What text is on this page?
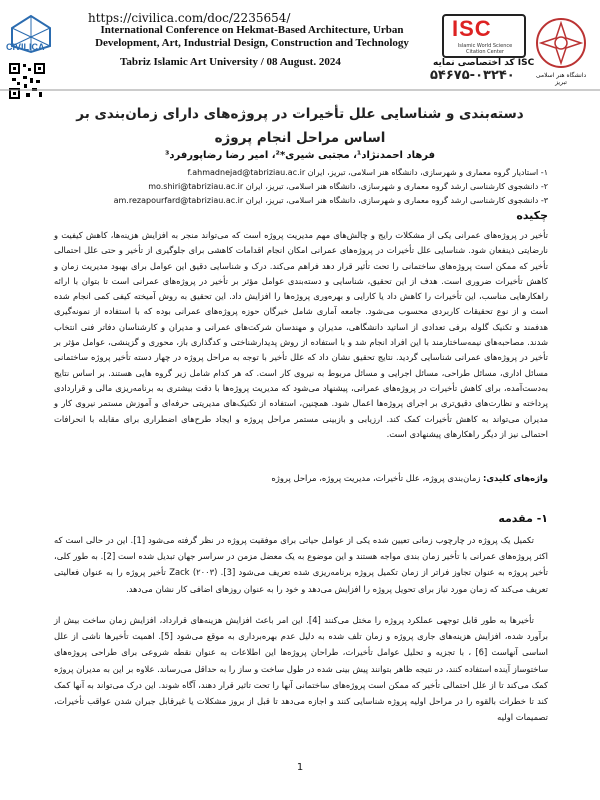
https://civilica.com/doc/2235654/
CIVILICA
International Conference on Hekmat-Based Architecture, Urban
Development, Art, Industrial Design, Construction and Technology
Tabriz Islamic Art University / 08 August. 2024
ISC
Islamic World Science Citation Center
کد اختصاصی نمایه ISC
۵۴۶۷۵-۰۳۲۴۰	دانشگاه هنر اسلامی تبریز
دسته‌بندی و شناسایی علل تأخیرات در پروژه‌های دارای زمان‌بندی بر
اساس مراحل انجام پروژه
فرهاد احمدنژاد¹، مجتبی شیری*²، امیر رضا رضاپورفرد³
۱- استادیار گروه معماری و شهرسازی، دانشگاه هنر اسلامی، تبریز، ایران f.ahmadnejad@tabriziau.ac.ir
۲- دانشجوی کارشناسی ارشد گروه معماری و شهرسازی، دانشگاه هنر اسلامی، تبریز، ایران mo.shiri@tabriziau.ac.ir
۳- دانشجوی کارشناسی ارشد گروه معماری و شهرسازی، دانشگاه هنر اسلامی، تبریز، ایران am.rezapourfard@tabriziau.ac.ir
چکیده
تأخیر در پروژه‌های عمرانی یکی از مشکلات رایج و چالش‌های مهم مدیریت پروژه است که می‌تواند منجر به افزایش هزینه‌ها، کاهش کیفیت و نارضایتی ذینفعان شود. شناسایی علل تأخیرات در پروژه‌های عمرانی امکان انجام اقدامات کاهشی برای جلوگیری از تأخیر و حتی علل احتمالی تأخیر که ممکن است پروژه‌های ساختمانی را تحت تأثیر قرار دهد فراهم می‌کند. درک و شناسایی دقیق این عوامل برای بهبود مدیریت زمان و کاهش تأخیرات ضروری است. هدف از این تحقیق، شناسایی و دسته‌بندی عوامل مؤثر بر تأخیر در پروژه‌های عمرانی است تا بتوان با ارائه راهکارهایی مناسب، این تأخیرات را کاهش داد یا کارایی و بهره‌وری پروژه‌ها را افزایش داد. این تحقیق به روش آمیخته کیفی کمی انجام شده است و از نوع تحقیقات کاربردی محسوب می‌شود. جامعه آماری شامل خبرگان حوزه پروژه‌های عمرانی بوده که با استفاده از نمونه‌گیری هدفمند و تکنیک گلوله برفی تعدادی از اساتید دانشگاهی، مدیران و مهندسان شرکت‌های عمرانی و مدیران و کارشناسان دفاتر فنی انتخاب شدند. مصاحبه‌های نیمه‌ساختارمند با این افراد انجام شد و با استفاده از روش پدیدارشناختی و کدگذاری باز، محوری و گزینشی، عوامل مؤثر بر تأخیر در پروژه‌های عمرانی شناسایی گردید. نتایج تحقیق نشان داد که علل تأخیر با توجه به مراحل پروژه در چهار دسته تأخیر پروژه ساختمانی مسائل اداری، مسائل طراحی، مسائل اجرایی و مسائل مربوط به نیروی کار است. که هر کدام شامل زیر گروه هایی هستند. بر اساس نتایج به‌دست‌آمده، برای کاهش تأخیرات در پروژه‌های عمرانی، پیشنهاد می‌شود که مدیریت پروژه‌ها با دقت بیشتری به برنامه‌ریزی مالی و قراردادی پرداخته و نظارت‌های دقیق‌تری بر اجرای پروژه‌ها اعمال شود. همچنین، استفاده از تکنیک‌های مدیریتی حرفه‌ای و آموزش مستمر نیروی کار و مدیران می‌تواند به کاهش تأخیرات کمک کند. ارزیابی و بازبینی مستمر مراحل پروژه و ایجاد طرح‌های اضطراری برای مقابله با انحرافات احتمالی نیز از دیگر راهکارهای پیشنهادی است.
واژه‌های کلیدی: زمان‌بندی پروژه، علل تأخیرات، مدیریت پروژه، مراحل پروژه
۱- مقدمه
تکمیل یک پروژه در چارچوب زمانی تعیین شده یکی از عوامل حیاتی برای موفقیت پروژه در نظر گرفته می‌شود [1]. این در حالی است که اکثر پروژه‌های عمرانی با تأخیر زمان بندی مواجه هستند و این موضوع به یک معضل مزمن در سراسر جهان تبدیل شده است [2]. به طور کلی، تأخیر پروژه به عنوان تجاوز فراتر از زمان تکمیل پروژه برنامه‌ریزی شده تعریف می‌شود [3]. Zack (۲۰۰۳) تأخیر پروژه را به عنوان فعالیتی تعریف می‌کند که زمان مورد نیاز برای تحویل پروژه را افزایش می‌دهد و خود را به عنوان روزهای اضافی کار نشان می‌دهد.
تأخیرها به طور قابل توجهی عملکرد پروژه را مختل می‌کنند [4]. این امر باعث افزایش هزینه‌های قرارداد، افزایش زمان ساخت بیش از برآورد شده، افزایش هزینه‌های جاری پروژه و زمان تلف شده به دلیل عدم بهره‌برداری به موقع می‌شود [5]. اهمیت تأخیرها ناشی از علل اساسی آنهاست [6] ، با تجزیه و تحلیل عوامل تأخیرات، طراحان پروژه‌ها این اطلاعات به عنوان نقطه شروعی برای طراحی پروژه‌های ساختوساز آینده استفاده کنند، در نتیجه ظاهر بتوانند پیش بینی شده در طول ساخت و ساز را به حداقل می‌رساند. علاوه بر این به مدیران پروژه کمک می‌کند تا از علل احتمالی تأخیر که ممکن است پروژه‌های ساختمانی آنها را تحت تاثیر قرار دهند، آگاه شوند. این درک می‌تواند به آنها کمک کند تا خطرات بالقوه را در مراحل اولیه پروژه شناسایی کنند و اجازه می‌دهد تا قبل از بروز مشکلات یا غیرقابل جبران شدن عواقب تأخیرات، تصمیمات اولیه
1
